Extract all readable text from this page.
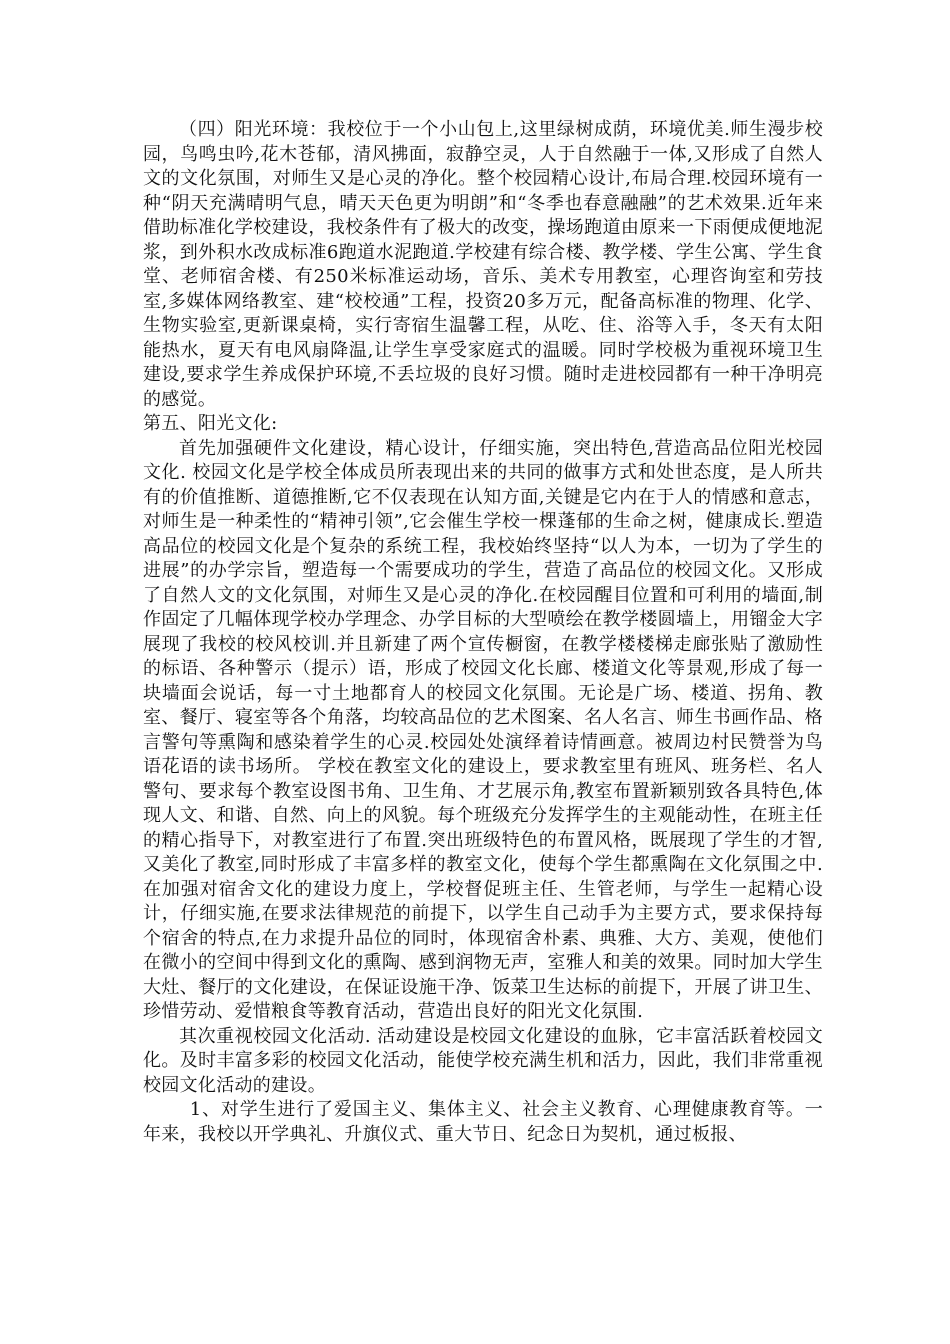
（四）阳光环境：我校位于一个小山包上,这里绿树成荫，环境优美.师生漫步校园，鸟鸣虫吟,花木苍郁，清风拂面，寂静空灵，人于自然融于一体,又形成了自然人文的文化氛围，对师生又是心灵的净化。整个校园精心设计,布局合理.校园环境有一种“阴天充满晴明气息，晴天天色更为明朗”和“冬季也春意融融”的艺术效果.近年来借助标准化学校建设，我校条件有了极大的改变，操场跑道由原来一下雨便成便地泥浆，到外积水改成标准6跑道水泥跑道.学校建有综合楼、教学楼、学生公寓、学生食堂、老师宿舍楼、有250米标准运动场，音乐、美术专用教室，心理咨询室和劳技室,多媒体网络教室、建“校校通”工程，投资20多万元，配备高标准的物理、化学、生物实验室,更新课桌椅，实行寄宿生温馨工程，从吃、住、浴等入手，冬天有太阳能热水，夏天有电风扇降温,让学生享受家庭式的温暖。同时学校极为重视环境卫生建设,要求学生养成保护环境,不丢垃圾的良好习惯。随时走进校园都有一种干净明亮的感觉。

第五、阳光文化:

首先加强硬件文化建设，精心设计，仔细实施，突出特色,营造高品位阳光校园文化. 校园文化是学校全体成员所表现出来的共同的做事方式和处世态度，是人所共有的价值推断、道德推断,它不仅表现在认知方面,关键是它内在于人的情感和意志，对师生是一种柔性的“精神引领”,它会催生学校一棵蓬郁的生命之树，健康成长.塑造高品位的校园文化是个复杂的系统工程，我校始终坚持“以人为本，一切为了学生的进展”的办学宗旨，塑造每一个需要成功的学生，营造了高品位的校园文化。又形成了自然人文的文化氛围，对师生又是心灵的净化.在校园醒目位置和可利用的墙面,制作固定了几幅体现学校办学理念、办学目标的大型喷绘在教学楼圆墙上，用镏金大字展现了我校的校风校训.并且新建了两个宣传橱窗，在教学楼楼梯走廊张贴了激励性的标语、各种警示（提示）语，形成了校园文化长廊、楼道文化等景观,形成了每一块墙面会说话，每一寸土地都育人的校园文化氛围。无论是广场、楼道、拐角、教室、餐厅、寝室等各个角落，均较高品位的艺术图案、名人名言、师生书画作品、格言警句等熏陶和感染着学生的心灵.校园处处演绎着诗情画意。被周边村民赞誉为鸟语花语的读书场所。 学校在教室文化的建设上，要求教室里有班风、班务栏、名人警句、要求每个教室设图书角、卫生角、才艺展示角,教室布置新颖别致各具特色,体现人文、和谐、自然、向上的风貌。每个班级充分发挥学生的主观能动性，在班主任的精心指导下，对教室进行了布置.突出班级特色的布置风格，既展现了学生的才智,又美化了教室,同时形成了丰富多样的教室文化，使每个学生都熏陶在文化氛围之中. 在加强对宿舍文化的建设力度上，学校督促班主任、生管老师，与学生一起精心设计，仔细实施,在要求法律规范的前提下，以学生自己动手为主要方式，要求保持每个宿舍的特点,在力求提升品位的同时，体现宿舍朴素、典雅、大方、美观，使他们在微小的空间中得到文化的熏陶、感到润物无声，室雅人和美的效果。同时加大学生大灶、餐厅的文化建设，在保证设施干净、饭菜卫生达标的前提下，开展了讲卫生、珍惜劳动、爱惜粮食等教育活动，营造出良好的阳光文化氛围.

其次重视校园文化活动. 活动建设是校园文化建设的血脉，它丰富活跃着校园文化。及时丰富多彩的校园文化活动，能使学校充满生机和活力，因此，我们非常重视校园文化活动的建设。

1、对学生进行了爱国主义、集体主义、社会主义教育、心理健康教育等。一年来，我校以开学典礼、升旗仪式、重大节日、纪念日为契机，通过板报、
